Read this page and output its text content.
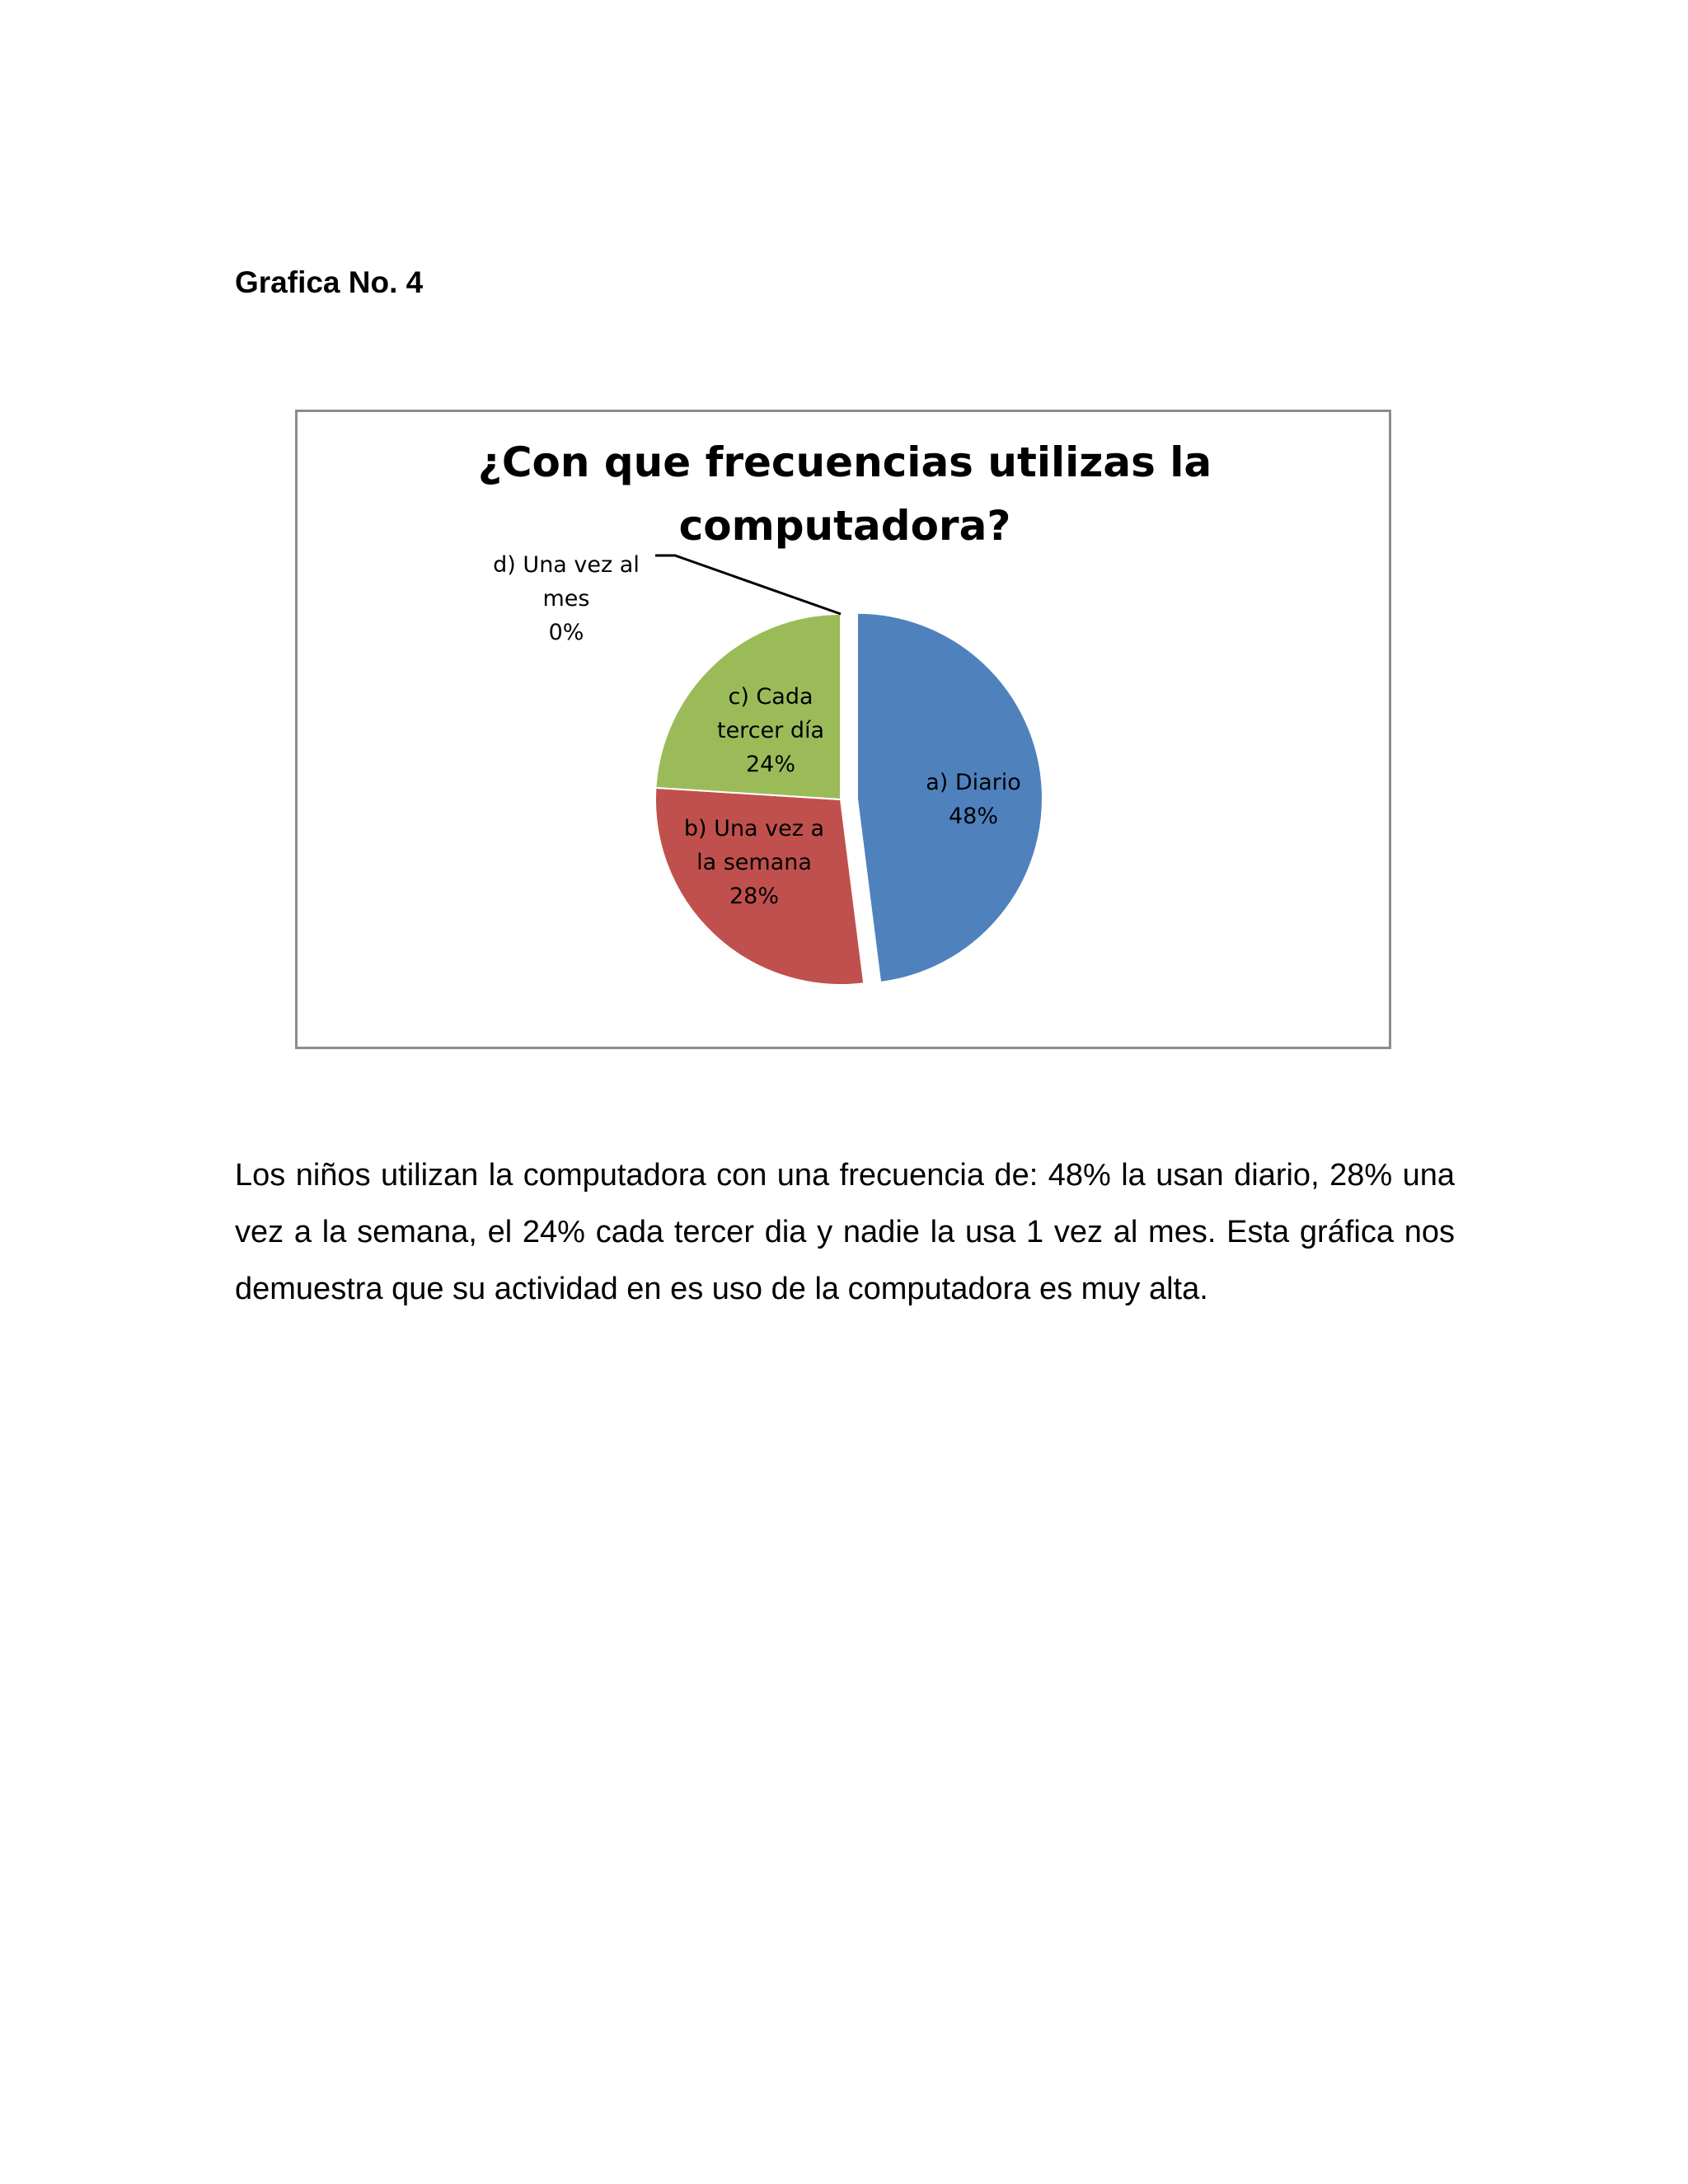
Grafica No. 4
¿Con que frecuencias utilizas la
computadora?
a) Diario 48%
b) Una vez a la semana 28%
c) Cada tercer día 24%
d) Una vez al mes 0%
Los niños utilizan la computadora con una frecuencia de: 48% la usan diario, 28% una vez a la semana, el 24% cada tercer dia y nadie la usa 1 vez al mes. Esta gráfica nos demuestra que su actividad en es uso de la computadora es muy alta.
